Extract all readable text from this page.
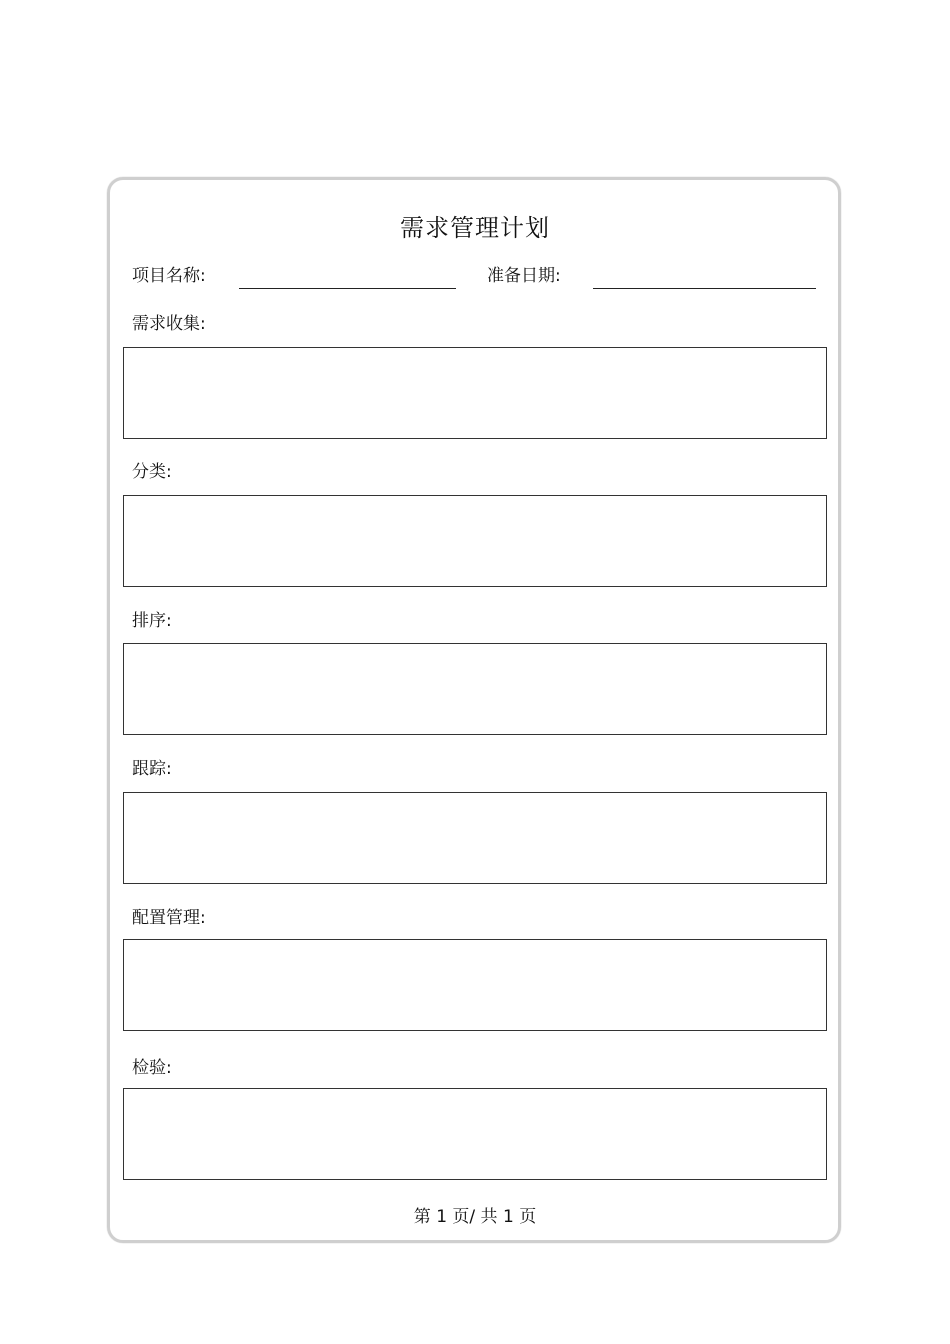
需求管理计划
项目名称:	准备日期:
需求收集:
分类:
排序:
跟踪:
配置管理:
检验:
第 1 页/ 共 1 页
